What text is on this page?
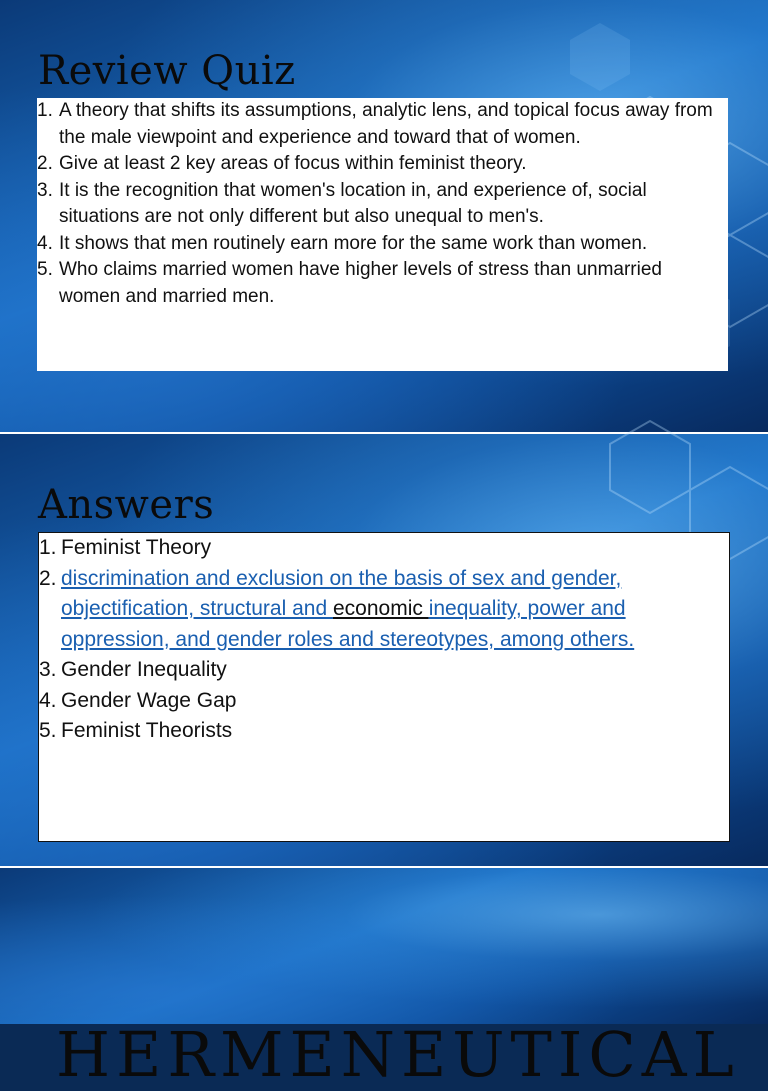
Review Quiz
1. A theory that shifts its assumptions, analytic lens, and topical focus away from the male viewpoint and experience and toward that of women.
2. Give at least 2 key areas of focus within feminist theory.
3. It is the recognition that women's location in, and experience of, social situations are not only different but also unequal to men's.
4. It shows that men routinely earn more for the same work than women.
5. Who claims married women have higher levels of stress than unmarried women and married men.
Answers
1. Feminist Theory
2. discrimination and exclusion on the basis of sex and gender, objectification, structural and economic inequality, power and oppression, and gender roles and stereotypes, among others.
3. Gender Inequality
4. Gender Wage Gap
5. Feminist Theorists
HERMENEUTICAL
